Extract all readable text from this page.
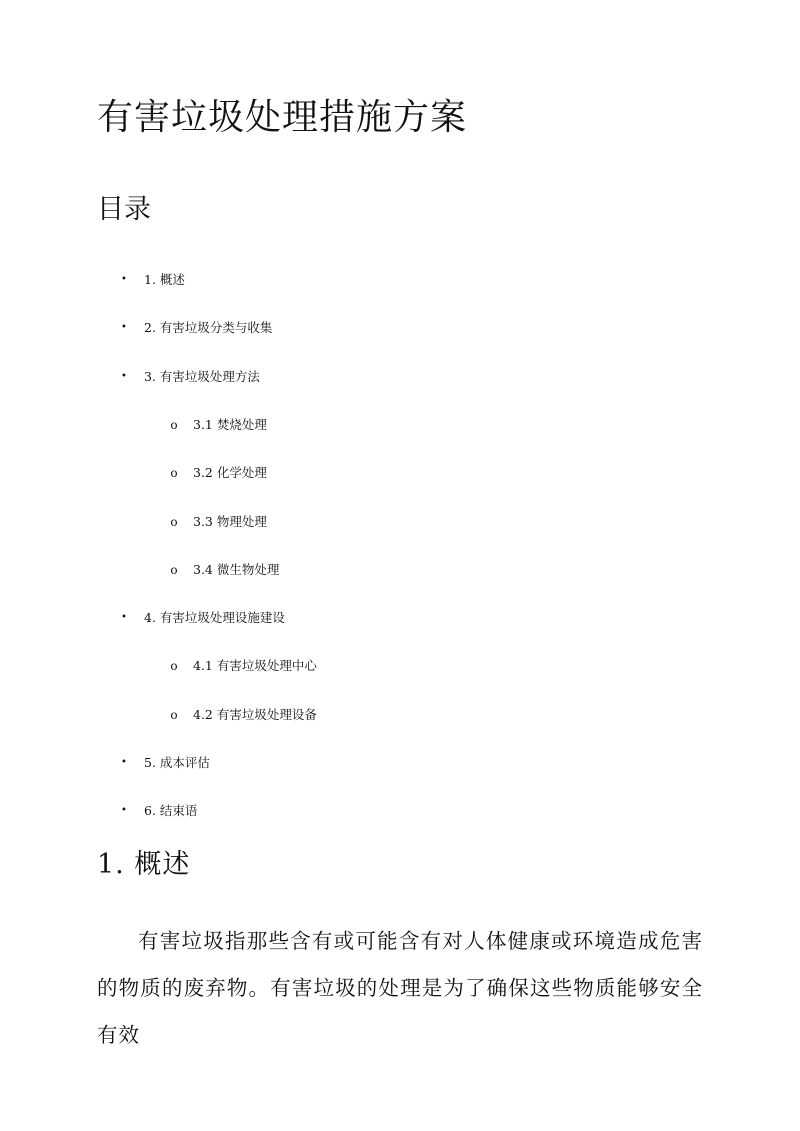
有害垃圾处理措施方案
目录
• 1. 概述
• 2. 有害垃圾分类与收集
• 3. 有害垃圾处理方法
o 3.1 焚烧处理
o 3.2 化学处理
o 3.3 物理处理
o 3.4 微生物处理
• 4. 有害垃圾处理设施建设
o 4.1 有害垃圾处理中心
o 4.2 有害垃圾处理设备
• 5. 成本评估
• 6. 结束语
1. 概述

有害垃圾指那些含有或可能含有对人体健康或环境造成危害的物质的废弃物。有害垃圾的处理是为了确保这些物质能够安全有效
